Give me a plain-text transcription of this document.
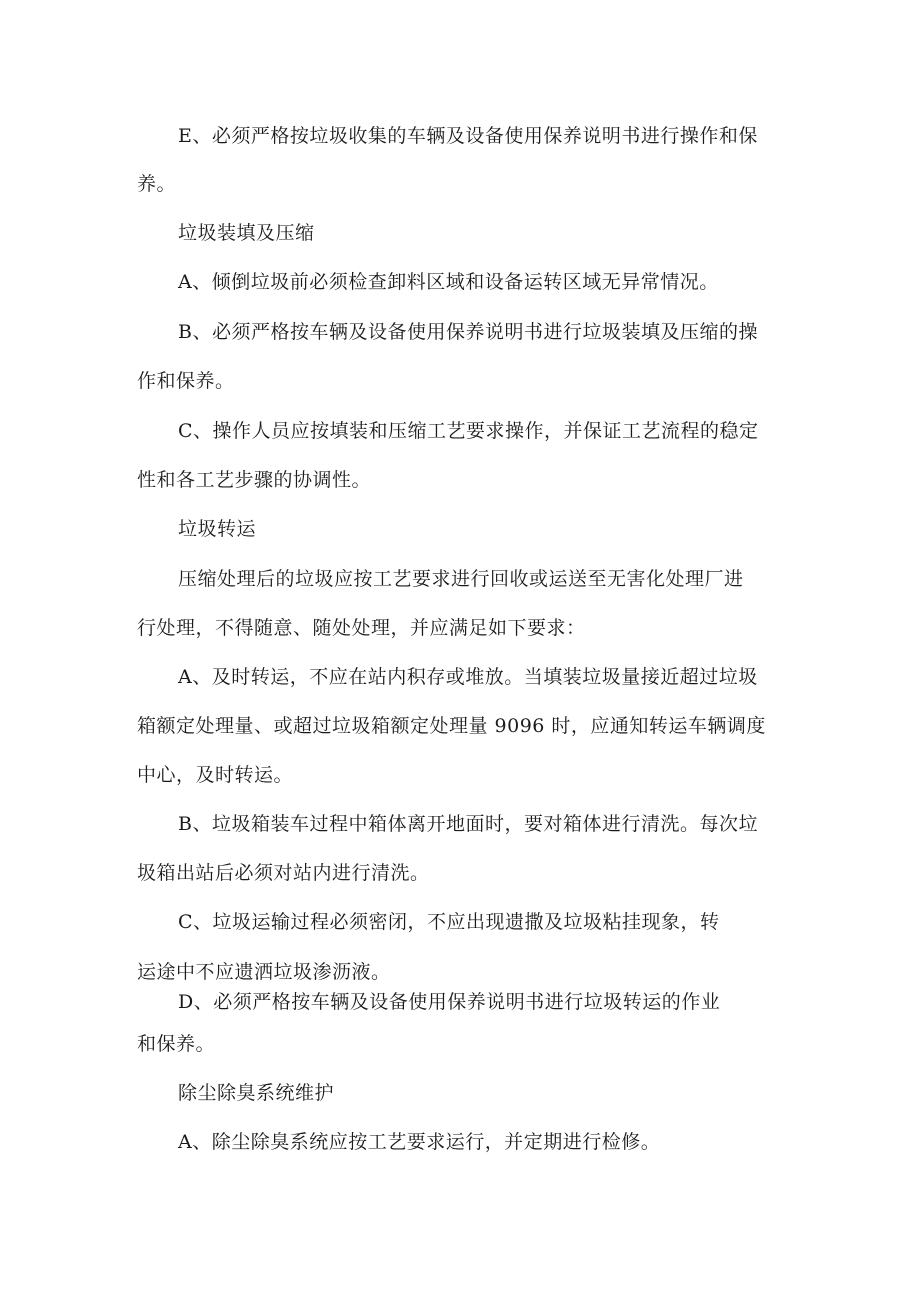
E、必须严格按垃圾收集的车辆及设备使用保养说明书进行操作和保
养。
垃圾装填及压缩
A、倾倒垃圾前必须检查卸料区域和设备运转区域无异常情况。
B、必须严格按车辆及设备使用保养说明书进行垃圾装填及压缩的操
作和保养。
C、操作人员应按填装和压缩工艺要求操作，并保证工艺流程的稳定
性和各工艺步骤的协调性。
垃圾转运
压缩处理后的垃圾应按工艺要求进行回收或运送至无害化处理厂进
行处理，不得随意、随处处理，并应满足如下要求：
A、及时转运，不应在站内积存或堆放。当填装垃圾量接近超过垃圾
箱额定处理量、或超过垃圾箱额定处理量 9096 时，应通知转运车辆调度
中心，及时转运。
B、垃圾箱装车过程中箱体离开地面时，要对箱体进行清洗。每次垃
圾箱出站后必须对站内进行清洗。
C、垃圾运输过程必须密闭，不应出现遗撒及垃圾粘挂现象，转
运途中不应遗洒垃圾渗沥液。
D、必须严格按车辆及设备使用保养说明书进行垃圾转运的作业
和保养。
除尘除臭系统维护
A、除尘除臭系统应按工艺要求运行，并定期进行检修。
